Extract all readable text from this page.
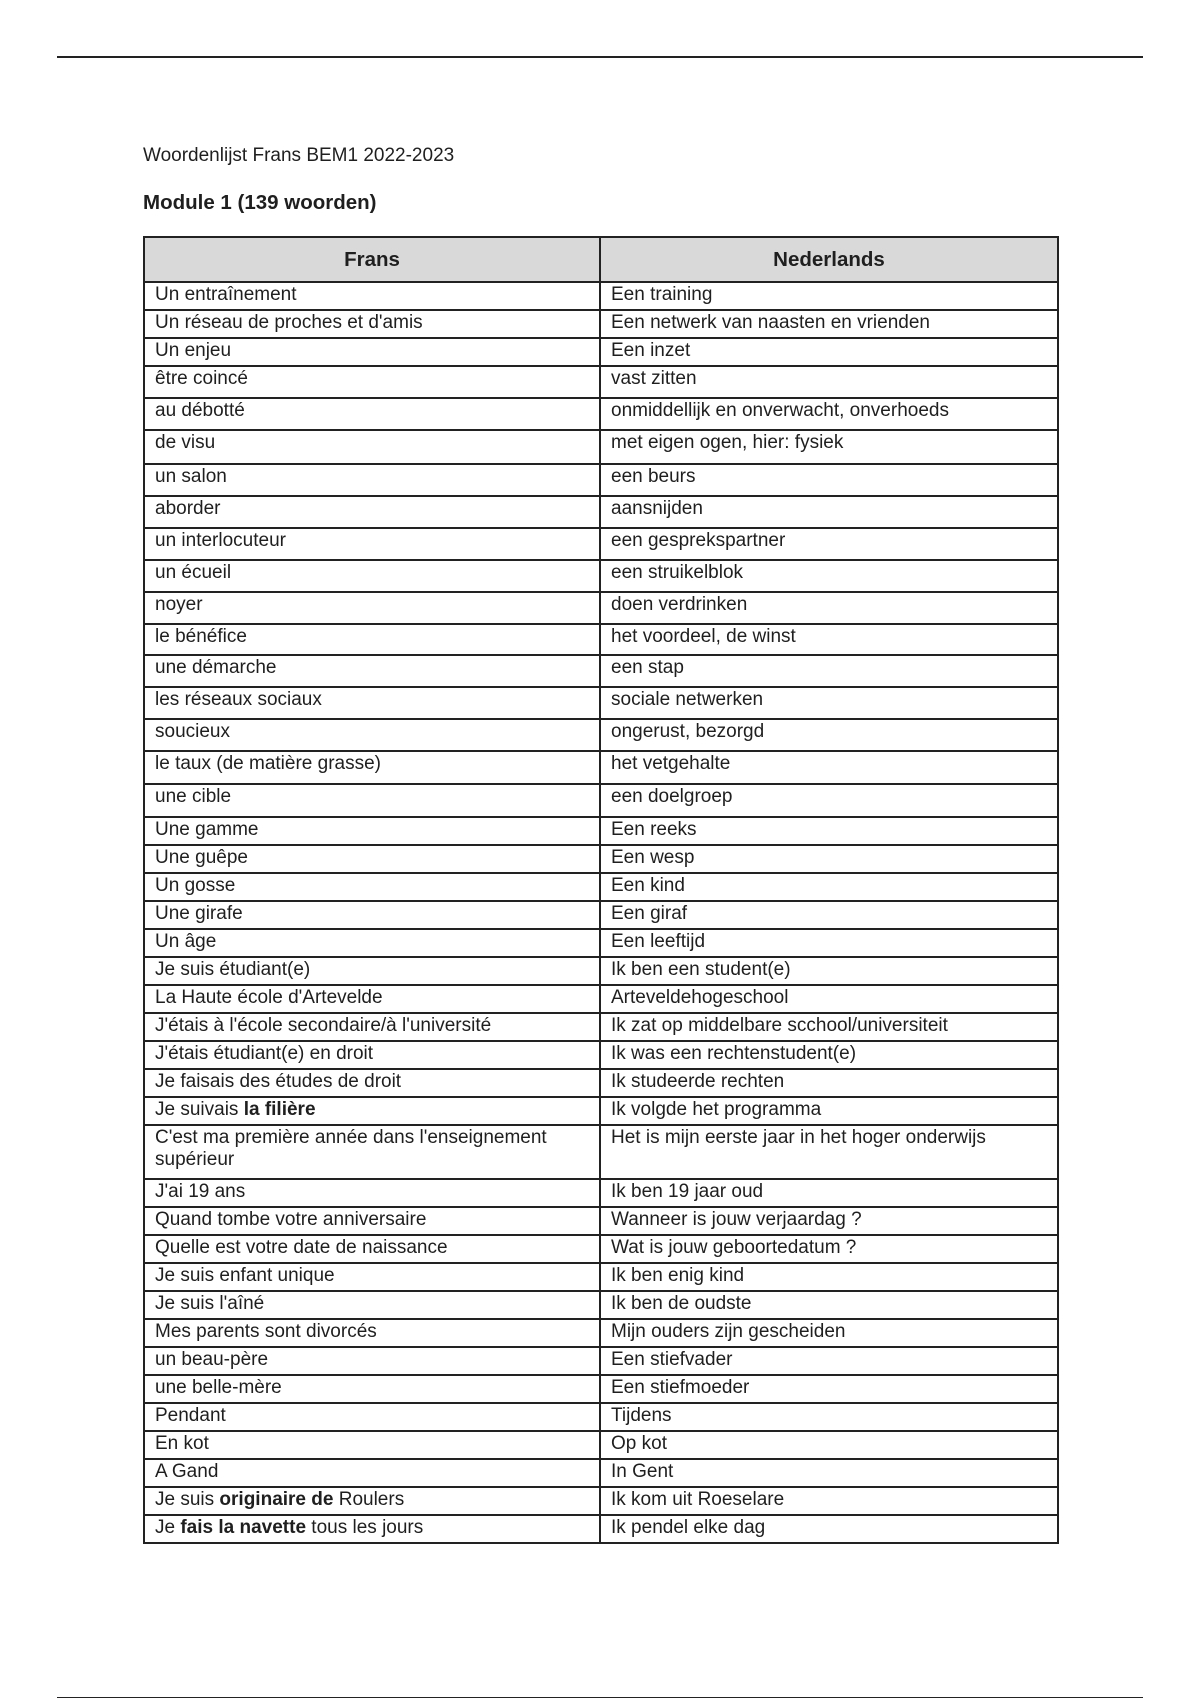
Woordenlijst Frans BEM1 2022-2023
Module 1 (139 woorden)
Frans	Nederlands
Un entraînement	Een training
Un réseau de proches et d'amis	Een netwerk van naasten en vrienden
Un enjeu	Een inzet
être coincé	vast zitten
au débotté	onmiddellijk en onverwacht, onverhoeds
de visu	met eigen ogen, hier: fysiek
un salon	een beurs
aborder	aansnijden
un interlocuteur	een gesprekspartner
un écueil	een struikelblok
noyer	doen verdrinken
le bénéfice	het voordeel, de winst
une démarche	een stap
les réseaux sociaux	sociale netwerken
soucieux	ongerust, bezorgd
le taux (de matière grasse)	het vetgehalte
une cible	een doelgroep
Une gamme	Een reeks
Une guêpe	Een wesp
Un gosse	Een kind
Une girafe	Een giraf
Un âge	Een leeftijd
Je suis étudiant(e)	Ik ben een student(e)
La Haute école d'Artevelde	Arteveldehogeschool
J'étais à l'école secondaire/à l'université	Ik zat op middelbare scchool/universiteit
J'étais étudiant(e) en droit	Ik was een rechtenstudent(e)
Je faisais des études de droit	Ik studeerde rechten
Je suivais la filière	Ik volgde het programma
C'est ma première année dans l'enseignement supérieur	Het is mijn eerste jaar in het hoger onderwijs
J'ai 19 ans	Ik ben 19 jaar oud
Quand tombe votre anniversaire	Wanneer is jouw verjaardag ?
Quelle est votre date de naissance	Wat is jouw geboortedatum ?
Je suis enfant unique	Ik ben enig kind
Je suis l'aîné	Ik ben de oudste
Mes parents sont divorcés	Mijn ouders zijn gescheiden
un beau-père	Een stiefvader
une belle-mère	Een stiefmoeder
Pendant	Tijdens
En kot	Op kot
A Gand	In Gent
Je suis originaire de Roulers	Ik kom uit Roeselare
Je fais la navette tous les jours	Ik pendel elke dag
